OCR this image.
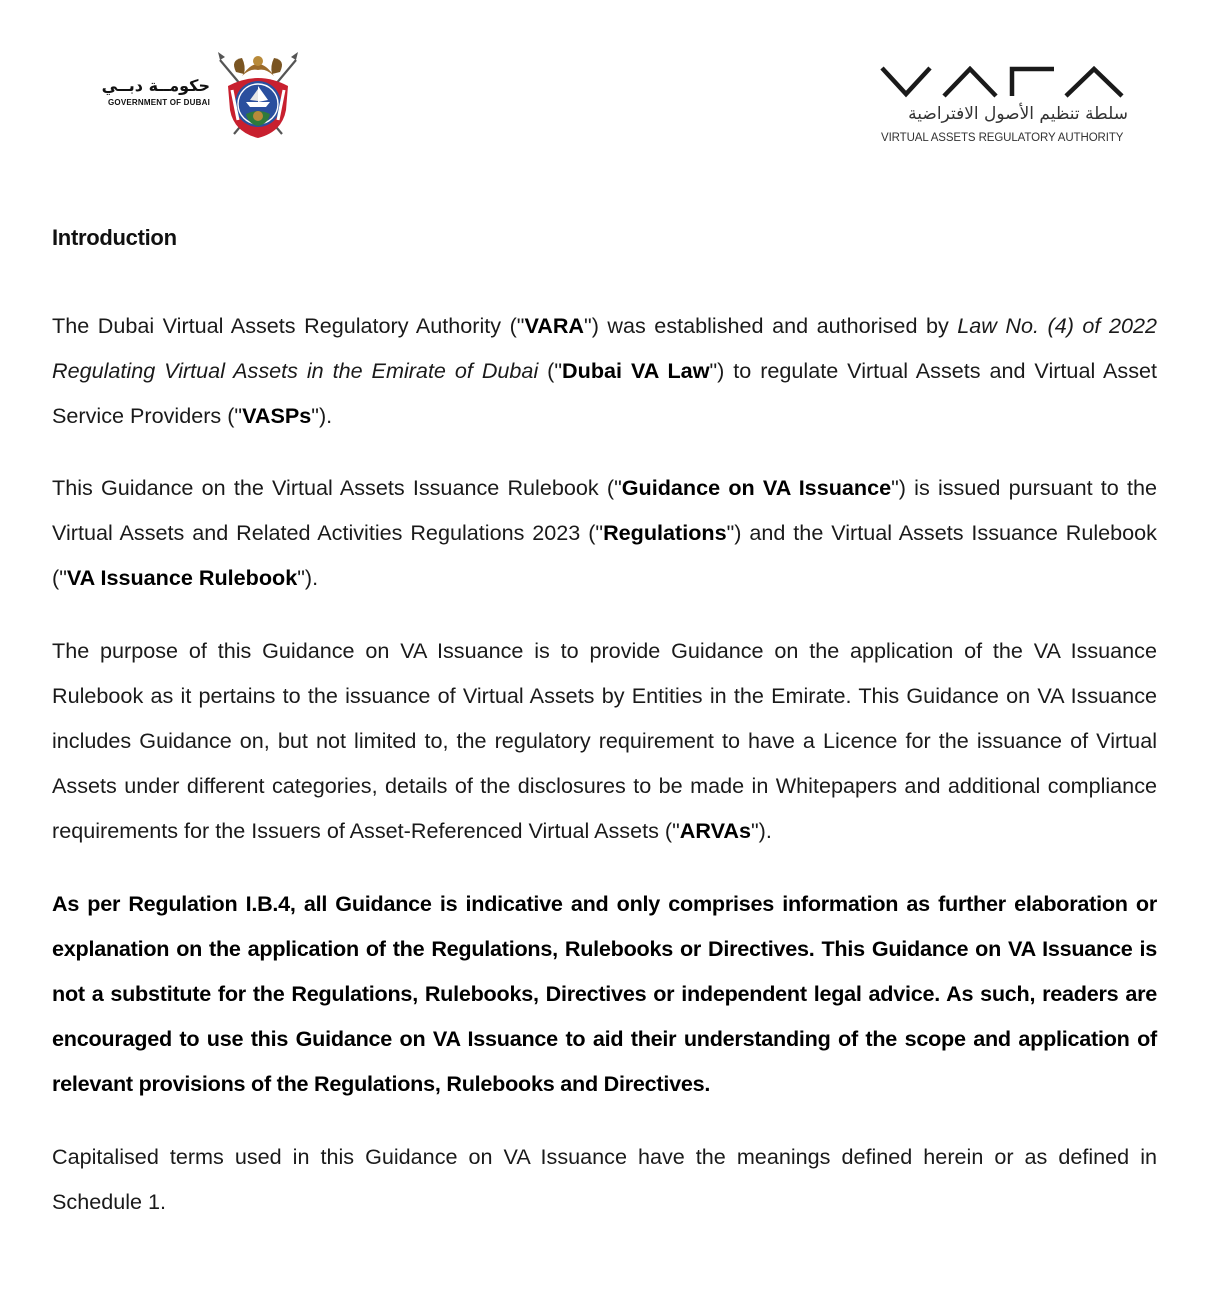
حكومــة دبــي
GOVERNMENT OF DUBAI
سلطة تنظيم الأصول الافتراضية
VIRTUAL ASSETS REGULATORY AUTHORITY
Introduction

The Dubai Virtual Assets Regulatory Authority ("VARA") was established and authorised by Law No. (4) of 2022 Regulating Virtual Assets in the Emirate of Dubai ("Dubai VA Law") to regulate Virtual Assets and Virtual Asset Service Providers ("VASPs").

This Guidance on the Virtual Assets Issuance Rulebook ("Guidance on VA Issuance") is issued pursuant to the Virtual Assets and Related Activities Regulations 2023 ("Regulations") and the Virtual Assets Issuance Rulebook ("VA Issuance Rulebook").

The purpose of this Guidance on VA Issuance is to provide Guidance on the application of the VA Issuance Rulebook as it pertains to the issuance of Virtual Assets by Entities in the Emirate. This Guidance on VA Issuance includes Guidance on, but not limited to, the regulatory requirement to have a Licence for the issuance of Virtual Assets under different categories, details of the disclosures to be made in Whitepapers and additional compliance requirements for the Issuers of Asset-Referenced Virtual Assets ("ARVAs").

As per Regulation I.B.4, all Guidance is indicative and only comprises information as further elaboration or explanation on the application of the Regulations, Rulebooks or Directives. This Guidance on VA Issuance is not a substitute for the Regulations, Rulebooks, Directives or independent legal advice. As such, readers are encouraged to use this Guidance on VA Issuance to aid their understanding of the scope and application of relevant provisions of the Regulations, Rulebooks and Directives.

Capitalised terms used in this Guidance on VA Issuance have the meanings defined herein or as defined in Schedule 1.
